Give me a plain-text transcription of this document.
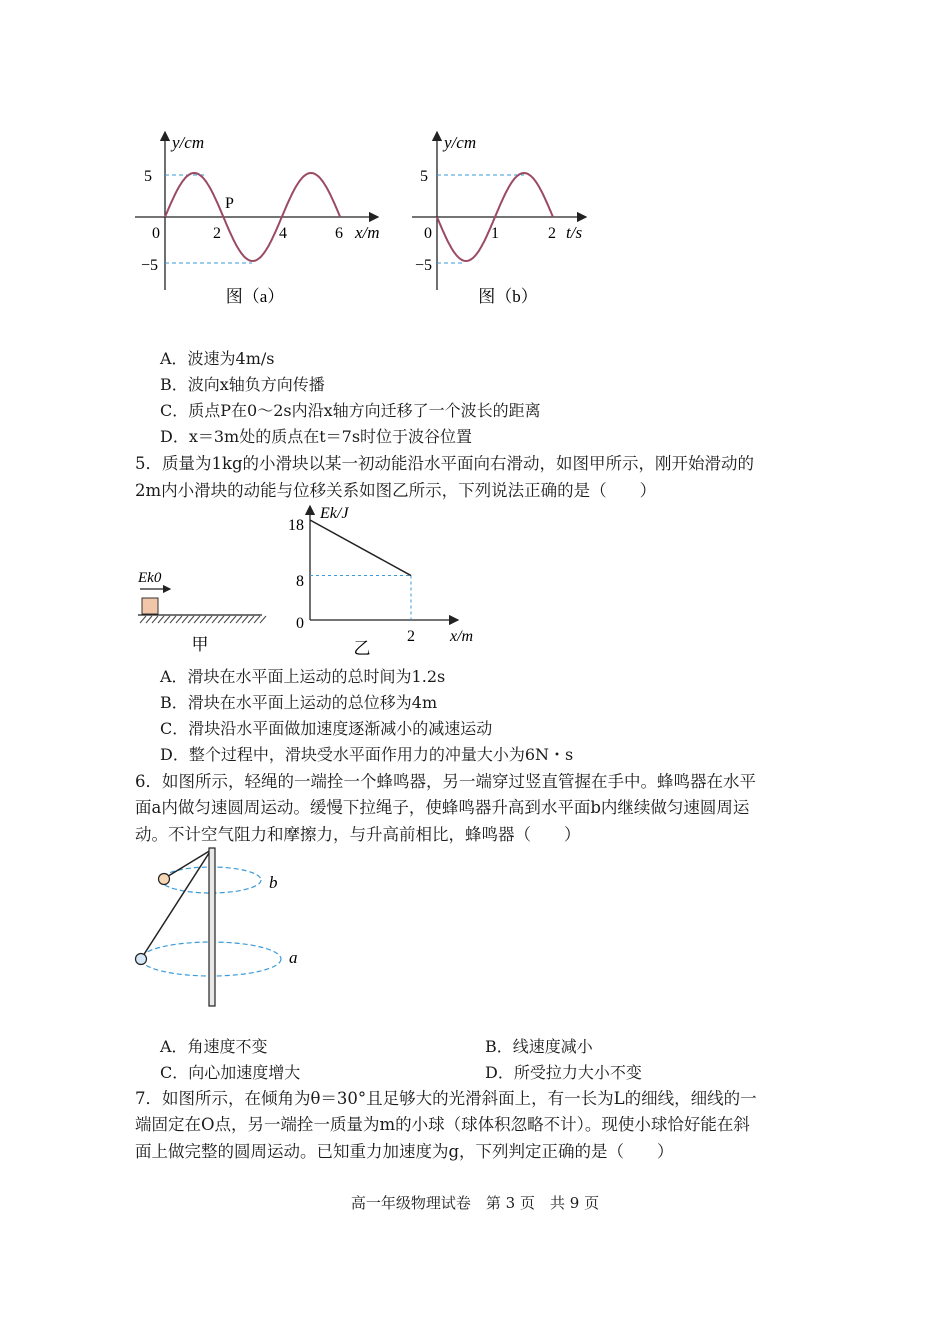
y/cm
5
−5
0	2	4	6 x/m
P
图（a）
y/cm
5
−5
0	1	2 t/s
图（b）
A．波速为4m/s
B．波向x轴负方向传播
C．质点P在0～2s内沿x轴方向迁移了一个波长的距离
D．x＝3m处的质点在t＝7s时位于波谷位置
5．质量为1kg的小滑块以某一初动能沿水平面向右滑动，如图甲所示，刚开始滑动的
2m内小滑块的动能与位移关系如图乙所示，下列说法正确的是（　　）
Ek0
甲
Ek/J
18
8
0
2 x/m
乙
A．滑块在水平面上运动的总时间为1.2s
B．滑块在水平面上运动的总位移为4m
C．滑块沿水平面做加速度逐渐减小的减速运动
D．整个过程中，滑块受水平面作用力的冲量大小为6N・s
6．如图所示，轻绳的一端拴一个蜂鸣器，另一端穿过竖直管握在手中。蜂鸣器在水平
面a内做匀速圆周运动。缓慢下拉绳子，使蜂鸣器升高到水平面b内继续做匀速圆周运
动。不计空气阻力和摩擦力，与升高前相比，蜂鸣器（　　）
b
a
A．角速度不变	B．线速度减小
C．向心加速度增大	D．所受拉力大小不变
7．如图所示，在倾角为θ＝30°且足够大的光滑斜面上，有一长为L的细线，细线的一
端固定在O点，另一端拴一质量为m的小球（球体积忽略不计）。现使小球恰好能在斜
面上做完整的圆周运动。已知重力加速度为g，下列判定正确的是（　　）
高一年级物理试卷　第 3 页　共 9 页
